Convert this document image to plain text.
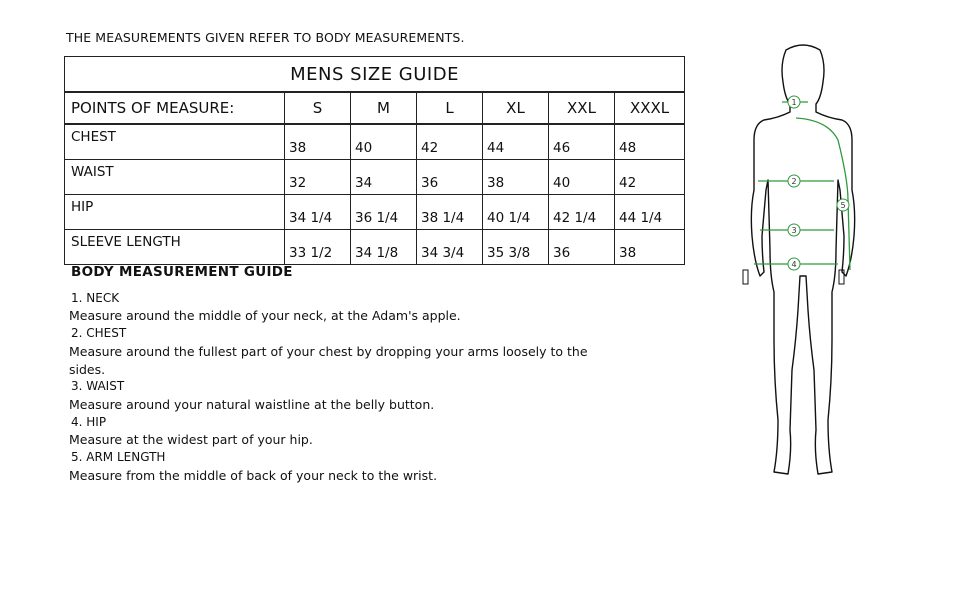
THE MEASUREMENTS GIVEN REFER TO BODY MEASUREMENTS.
MENS SIZE GUIDE						
POINTS OF MEASURE:	S	M	L	XL	XXL	XXXL
CHEST	38	40	42	44	46	48
WAIST	32	34	36	38	40	42
HIP	34 1/4	36 1/4	38 1/4	40 1/4	42 1/4	44 1/4
SLEEVE LENGTH	33 1/2	34 1/8	34 3/4	35 3/8	36	38
BODY MEASUREMENT GUIDE
1. NECK
Measure around the middle of your neck, at the Adam's apple.
2. CHEST
Measure around the fullest part of your chest by dropping your arms loosely to the sides.
3. WAIST
Measure around your natural waistline at the belly button.
4. HIP
Measure at the widest part of your hip.
5. ARM LENGTH
Measure from the middle of back of your neck to the wrist.
1
5
2
3
4
